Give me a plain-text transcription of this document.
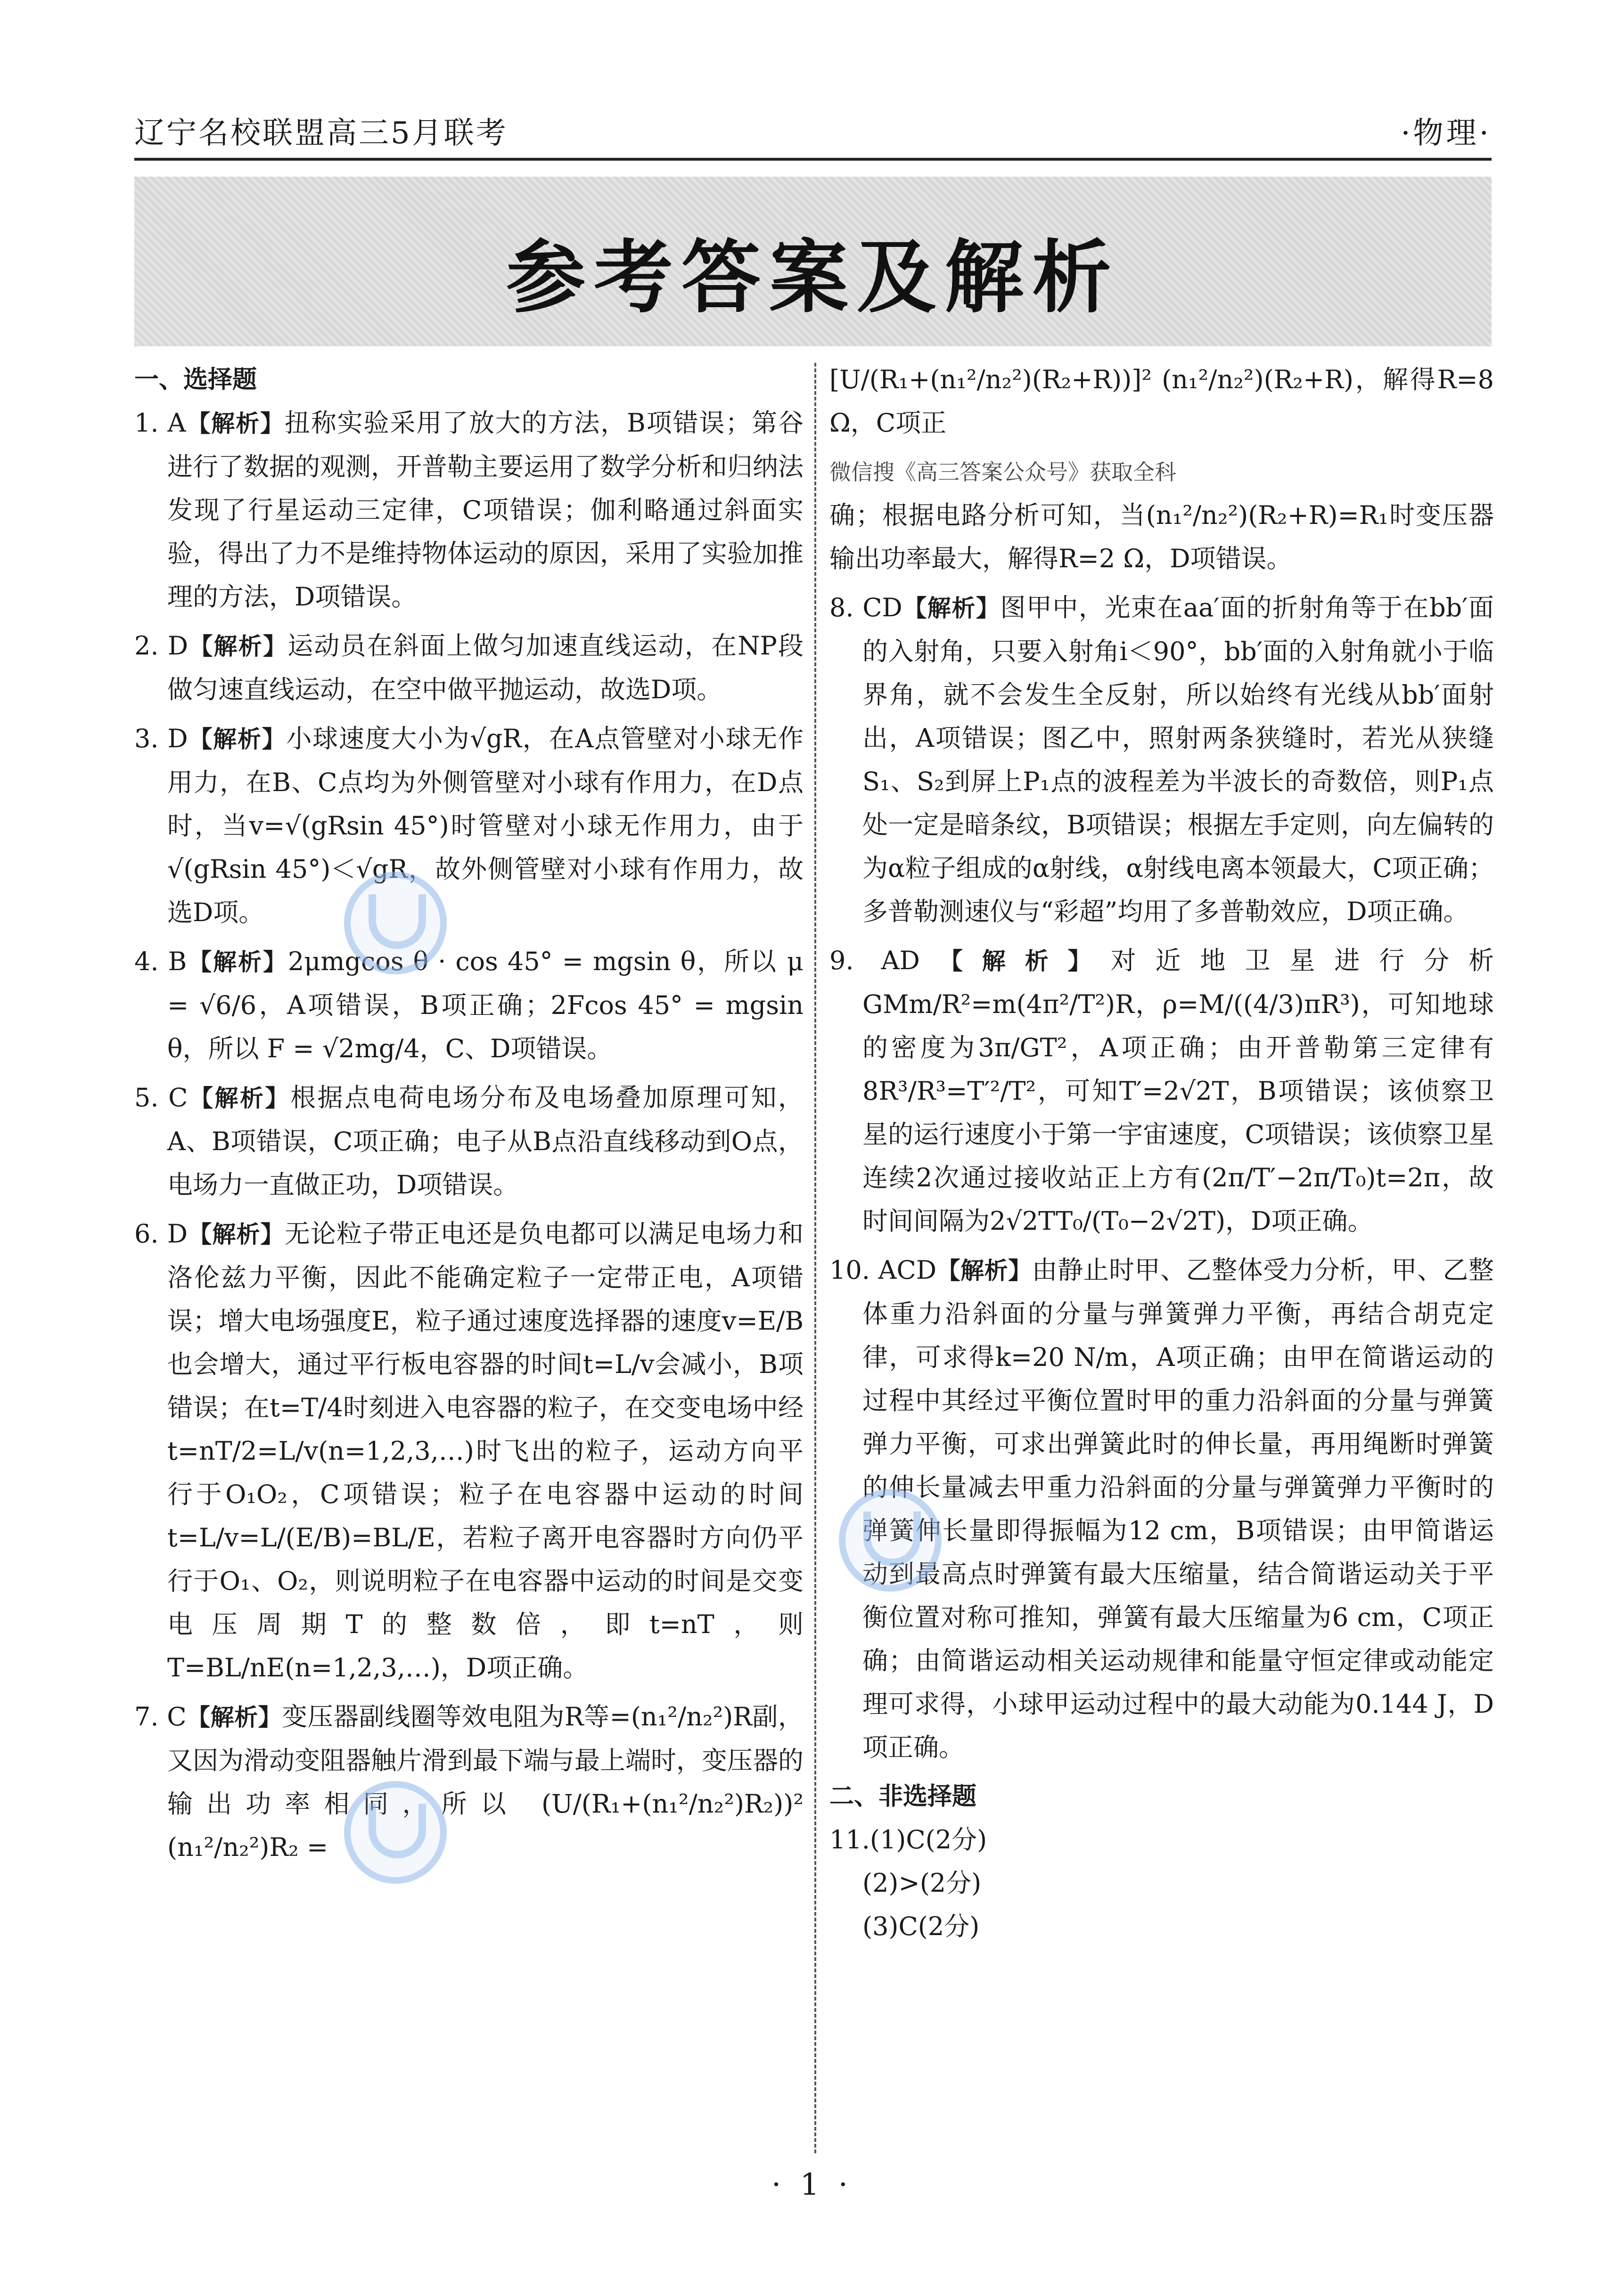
辽宁名校联盟高三5月联考	·物理·
参考答案及解析

一、选择题

1. A【解析】扭称实验采用了放大的方法，B项错误；第谷进行了数据的观测，开普勒主要运用了数学分析和归纳法发现了行星运动三定律，C项错误；伽利略通过斜面实验，得出了力不是维持物体运动的原因，采用了实验加推理的方法，D项错误。

2. D【解析】运动员在斜面上做匀加速直线运动，在NP段做匀速直线运动，在空中做平抛运动，故选D项。

3. D【解析】小球速度大小为√gR，在A点管壁对小球无作用力，在B、C点均为外侧管壁对小球有作用力，在D点时，当v=√(gRsin 45°)时管壁对小球无作用力，由于√(gRsin 45°)＜√gR，故外侧管壁对小球有作用力，故选D项。

4. B【解析】2μmgcos θ · cos 45° = mgsin θ，所以 μ = √6/6，A项错误，B项正确；2Fcos 45° = mgsin θ，所以 F = √2mg/4，C、D项错误。

5. C【解析】根据点电荷电场分布及电场叠加原理可知，A、B项错误，C项正确；电子从B点沿直线移动到O点，电场力一直做正功，D项错误。

6. D【解析】无论粒子带正电还是负电都可以满足电场力和洛伦兹力平衡，因此不能确定粒子一定带正电，A项错误；增大电场强度E，粒子通过速度选择器的速度v=E/B也会增大，通过平行板电容器的时间t=L/v会减小，B项错误；在t=T/4时刻进入电容器的粒子，在交变电场中经t=nT/2=L/v(n=1,2,3,…)时飞出的粒子，运动方向平行于O₁O₂，C项错误；粒子在电容器中运动的时间t=L/v=L/(E/B)=BL/E，若粒子离开电容器时方向仍平行于O₁、O₂，则说明粒子在电容器中运动的时间是交变电压周期T的整数倍，即t=nT，则T=BL/nE(n=1,2,3,…)，D项正确。

7. C【解析】变压器副线圈等效电阻为R等=(n₁²/n₂²)R副，又因为滑动变阻器触片滑到最下端与最上端时，变压器的输出功率相同，所以 (U/(R₁+(n₁²/n₂²)R₂))² (n₁²/n₂²)R₂ =

[U/(R₁+(n₁²/n₂²)(R₂+R))]² (n₁²/n₂²)(R₂+R)，解得R=8 Ω，C项正

微信搜《高三答案公众号》获取全科

确；根据电路分析可知，当(n₁²/n₂²)(R₂+R)=R₁时变压器输出功率最大，解得R=2 Ω，D项错误。

8. CD【解析】图甲中，光束在aa′面的折射角等于在bb′面的入射角，只要入射角i＜90°，bb′面的入射角就小于临界角，就不会发生全反射，所以始终有光线从bb′面射出，A项错误；图乙中，照射两条狭缝时，若光从狭缝S₁、S₂到屏上P₁点的波程差为半波长的奇数倍，则P₁点处一定是暗条纹，B项错误；根据左手定则，向左偏转的为α粒子组成的α射线，α射线电离本领最大，C项正确；多普勒测速仪与“彩超”均用了多普勒效应，D项正确。

9. AD【解析】对近地卫星进行分析GMm/R²=m(4π²/T²)R，ρ=M/((4/3)πR³)，可知地球的密度为3π/GT²，A项正确；由开普勒第三定律有8R³/R³=T′²/T²，可知T′=2√2T，B项错误；该侦察卫星的运行速度小于第一宇宙速度，C项错误；该侦察卫星连续2次通过接收站正上方有(2π/T′−2π/T₀)t=2π，故时间间隔为2√2TT₀/(T₀−2√2T)，D项正确。

10. ACD【解析】由静止时甲、乙整体受力分析，甲、乙整体重力沿斜面的分量与弹簧弹力平衡，再结合胡克定律，可求得k=20 N/m，A项正确；由甲在简谐运动的过程中其经过平衡位置时甲的重力沿斜面的分量与弹簧弹力平衡，可求出弹簧此时的伸长量，再用绳断时弹簧的伸长量减去甲重力沿斜面的分量与弹簧弹力平衡时的弹簧伸长量即得振幅为12 cm，B项错误；由甲简谐运动到最高点时弹簧有最大压缩量，结合简谐运动关于平衡位置对称可推知，弹簧有最大压缩量为6 cm，C项正确；由简谐运动相关运动规律和能量守恒定律或动能定理可求得，小球甲运动过程中的最大动能为0.144 J，D项正确。

二、非选择题

11.(1)C(2分)

(2)>(2分)

(3)C(2分)

· 1 ·
